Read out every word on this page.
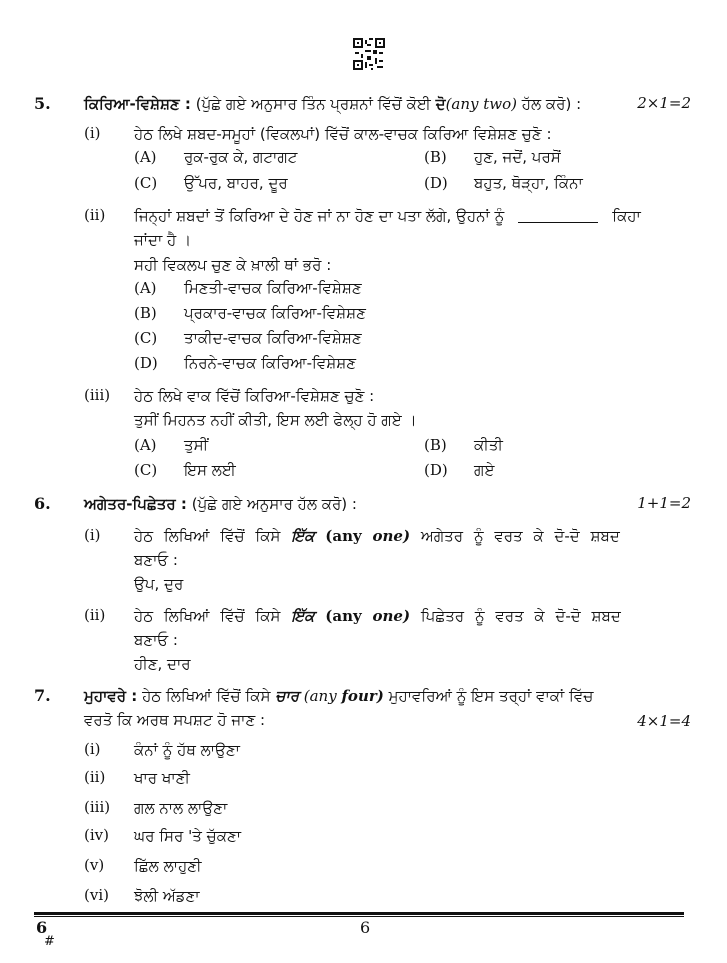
5. ਕਿਰਿਆ-ਵਿਸ਼ੇਸ਼ਣ : (ਪੁੱਛੇ ਗਏ ਅਨੁਸਾਰ ਤਿੰਨ ਪ੍ਰਸ਼ਨਾਂ ਵਿੱਚੋਂ ਕੋਈ ਦੋ(any two) ਹੱਲ ਕਰੋ) :	2×1=2
(i) ਹੇਠ ਲਿਖੇ ਸ਼ਬਦ-ਸਮੂਹਾਂ (ਵਿਕਲਪਾਂ) ਵਿੱਚੋਂ ਕਾਲ-ਵਾਚਕ ਕਿਰਿਆ ਵਿਸ਼ੇਸ਼ਣ ਚੁਣੋ :
(A) ਰੁਕ-ਰੁਕ ਕੇ, ਗਟਾਗਟ	(B) ਹੁਣ, ਜਦੋਂ, ਪਰਸੋਂ
(C) ਉੱਪਰ, ਬਾਹਰ, ਦੂਰ	(D) ਬਹੁਤ, ਥੋੜ੍ਹਾ, ਕਿੰਨਾ
(ii) ਜਿਨ੍ਹਾਂ ਸ਼ਬਦਾਂ ਤੋਂ ਕਿਰਿਆ ਦੇ ਹੋਣ ਜਾਂ ਨਾ ਹੋਣ ਦਾ ਪਤਾ ਲੱਗੇ, ਉਹਨਾਂ ਨੂੰ	ਕਿਹਾ
ਜਾਂਦਾ ਹੈ ।
ਸਹੀ ਵਿਕਲਪ ਚੁਣ ਕੇ ਖ਼ਾਲੀ ਥਾਂ ਭਰੋ :
(A) ਮਿਣਤੀ-ਵਾਚਕ ਕਿਰਿਆ-ਵਿਸ਼ੇਸ਼ਣ
(B) ਪ੍ਰਕਾਰ-ਵਾਚਕ ਕਿਰਿਆ-ਵਿਸ਼ੇਸ਼ਣ
(C) ਤਾਕੀਦ-ਵਾਚਕ ਕਿਰਿਆ-ਵਿਸ਼ੇਸ਼ਣ
(D) ਨਿਰਨੇ-ਵਾਚਕ ਕਿਰਿਆ-ਵਿਸ਼ੇਸ਼ਣ
(iii) ਹੇਠ ਲਿਖੇ ਵਾਕ ਵਿੱਚੋਂ ਕਿਰਿਆ-ਵਿਸ਼ੇਸ਼ਣ ਚੁਣੋ :
ਤੁਸੀਂ ਮਿਹਨਤ ਨਹੀਂ ਕੀਤੀ, ਇਸ ਲਈ ਫੇਲ੍ਹ ਹੋ ਗਏ ।
(A) ਤੁਸੀਂ	(B) ਕੀਤੀ
(C) ਇਸ ਲਈ	(D) ਗਏ
6. ਅਗੇਤਰ-ਪਿਛੇਤਰ : (ਪੁੱਛੇ ਗਏ ਅਨੁਸਾਰ ਹੱਲ ਕਰੋ) :	1+1=2
(i) ਹੇਠ ਲਿਖਿਆਂ ਵਿੱਚੋਂ ਕਿਸੇ ਇੱਕ (any one) ਅਗੇਤਰ ਨੂੰ ਵਰਤ ਕੇ ਦੋ-ਦੋ ਸ਼ਬਦ
ਬਣਾਓ :
ਉਪ, ਦੁਰ
(ii) ਹੇਠ ਲਿਖਿਆਂ ਵਿੱਚੋਂ ਕਿਸੇ ਇੱਕ (any one) ਪਿਛੇਤਰ ਨੂੰ ਵਰਤ ਕੇ ਦੋ-ਦੋ ਸ਼ਬਦ
ਬਣਾਓ :
ਹੀਣ, ਦਾਰ
7. ਮੁਹਾਵਰੇ : ਹੇਠ ਲਿਖਿਆਂ ਵਿੱਚੋਂ ਕਿਸੇ ਚਾਰ (any four) ਮੁਹਾਵਰਿਆਂ ਨੂੰ ਇਸ ਤਰ੍ਹਾਂ ਵਾਕਾਂ ਵਿੱਚ
ਵਰਤੋ ਕਿ ਅਰਥ ਸਪਸ਼ਟ ਹੋ ਜਾਣ :	4×1=4
(i) ਕੰਨਾਂ ਨੂੰ ਹੱਥ ਲਾਉਣਾ
(ii) ਖਾਰ ਖਾਣੀ
(iii) ਗਲ ਨਾਲ ਲਾਉਣਾ
(iv) ਘਰ ਸਿਰ 'ਤੇ ਚੁੱਕਣਾ
(v) ਛਿੱਲ ਲਾਹੁਣੀ
(vi) ਝੋਲੀ ਅੱਡਣਾ
6	6
#
